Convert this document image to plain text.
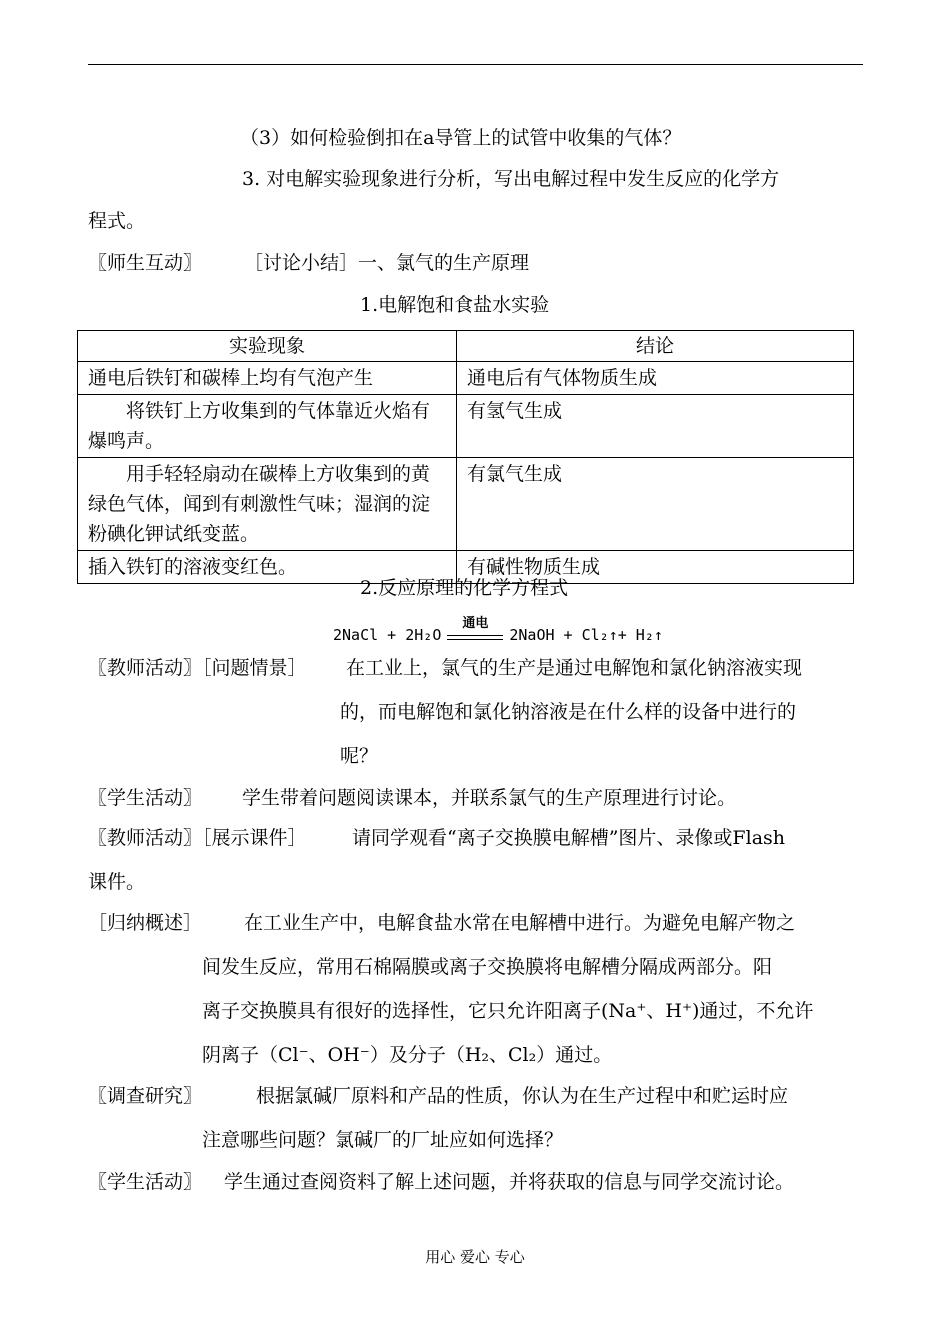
（3）如何检验倒扣在a导管上的试管中收集的气体？
3. 对电解实验现象进行分析，写出电解过程中发生反应的化学方
程式。
〖师生互动〗 ［讨论小结］一、氯气的生产原理
1.电解饱和食盐水实验
实验现象	结论
通电后铁钉和碳棒上均有气泡产生	通电后有气体物质生成
将铁钉上方收集到的气体靠近火焰有爆鸣声。	有氢气生成
用手轻轻扇动在碳棒上方收集到的黄绿色气体，闻到有刺激性气味；湿润的淀粉碘化钾试纸变蓝。	有氯气生成
插入铁钉的溶液变红色。	有碱性物质生成
2.反应原理的化学方程式
2NaCl + 2H₂O
通电
2NaOH + Cl₂↑+ H₂↑
〖教师活动〗［问题情景］ 在工业上，氯气的生产是通过电解饱和氯化钠溶液实现
的，而电解饱和氯化钠溶液是在什么样的设备中进行的
呢？
〖学生活动〗 学生带着问题阅读课本，并联系氯气的生产原理进行讨论。
〖教师活动〗［展示课件］ 请同学观看“离子交换膜电解槽”图片、录像或Flash
课件。
［归纳概述］ 在工业生产中，电解食盐水常在电解槽中进行。为避免电解产物之
间发生反应，常用石棉隔膜或离子交换膜将电解槽分隔成两部分。阳
离子交换膜具有很好的选择性，它只允许阳离子(Na⁺、H⁺)通过，不允许
阴离子（Cl⁻、OH⁻）及分子（H₂、Cl₂）通过。
〖调查研究〗	根据氯碱厂原料和产品的性质，你认为在生产过程中和贮运时应
注意哪些问题？氯碱厂的厂址应如何选择？
〖学生活动〗 学生通过查阅资料了解上述问题，并将获取的信息与同学交流讨论。
用心 爱心 专心
